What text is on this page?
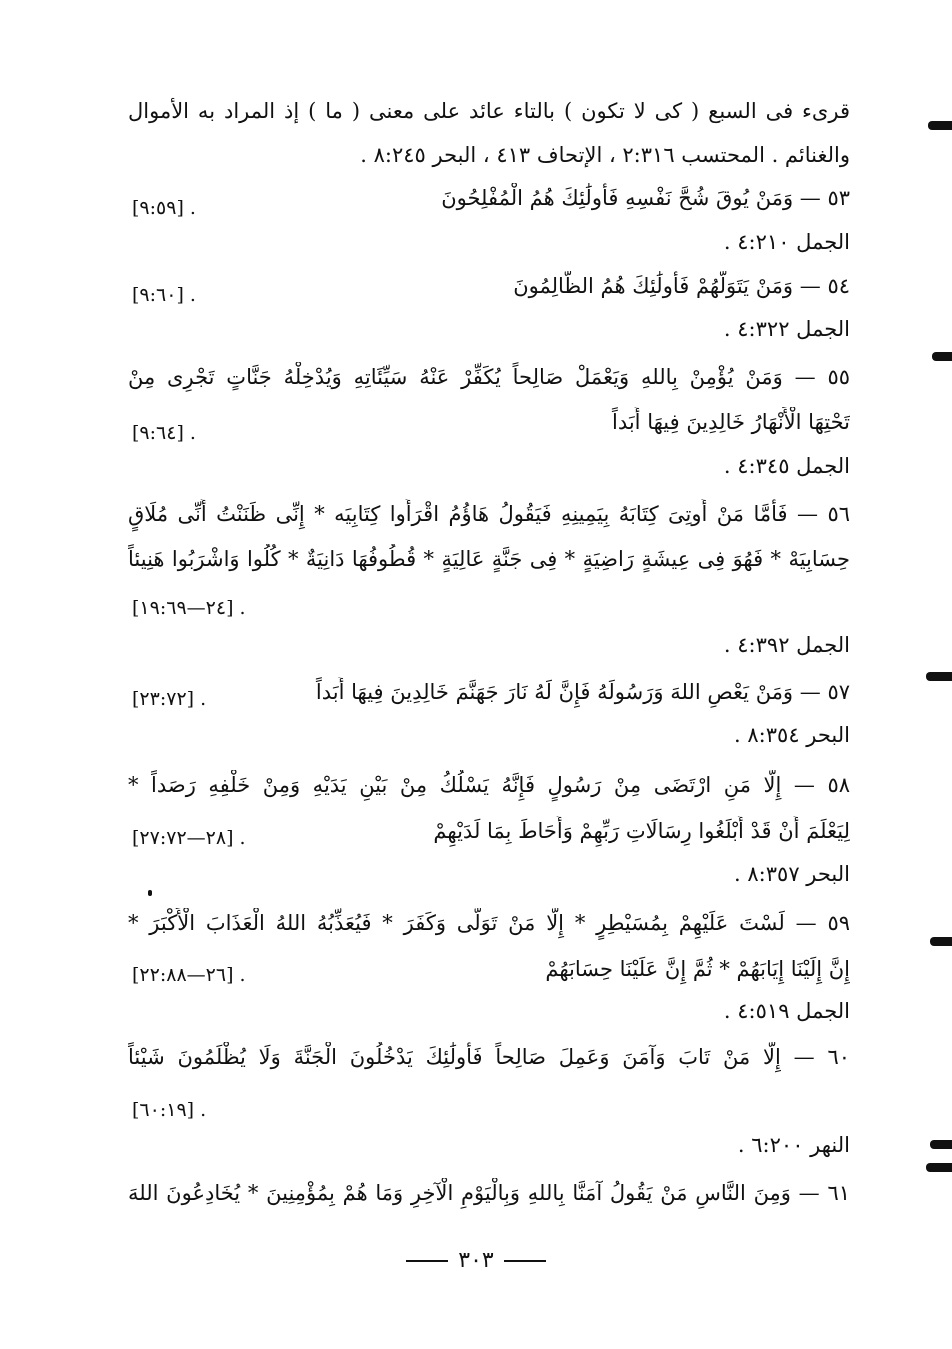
قرىء فى السبع ( كى لا تكون ) بالتاء عائد على معنى ( ما ) إذ المراد به الأموال
والغنائم . المحتسب ٢:٣١٦ ، الإتحاف ٤١٣ ، البحر ٨:٢٤٥ .
٥٣ — وَمَنْ يُوقَ شُحَّ نَفْسِهِ فَأُولَٰئِكَ هُمُ الْمُفْلِحُونَ
[٩:٥٩] .
الجمل ٤:٢١٠ .
٥٤ — وَمَنْ يَتَوَلَّهُمْ فَأُولَٰئِكَ هُمُ الظَّالِمُونَ
[٩:٦٠] .
الجمل ٤:٣٢٢ .
٥٥ — وَمَنْ يُؤْمِنْ بِاللهِ وَيَعْمَلْ صَالِحاً يُكَفِّرْ عَنْهُ سَيِّئَاتِهِ وَيُدْخِلْهُ جَنَّاتٍ تَجْرِى مِنْ
تَحْتِهَا الْأَنْهَارُ خَالِدِينَ فِيهَا أَبَداً
[٩:٦٤] .
الجمل ٤:٣٤٥ .
٥٦ — فَأَمَّا مَنْ أُوتِىَ كِتَابَهُ بِيَمِينِهِ فَيَقُولُ هَاؤُمُ اقْرَأُوا كِتَابِيَه * إِنِّى ظَنَنْتُ أَنِّى مُلَاقٍ
حِسَابِيَهْ * فَهُوَ فِى عِيشَةٍ رَاضِيَةٍ * فِى جَنَّةٍ عَالِيَةٍ * قُطُوفُهَا دَانِيَةٌ * كُلُوا وَاشْرَبُوا هَنِيئاً
[٢٤—١٩:٦٩] .
الجمل ٤:٣٩٢ .
٥٧ — وَمَنْ يَعْصِ اللهَ وَرَسُولَهُ فَإِنَّ لَهُ نَارَ جَهَنَّمَ خَالِدِينَ فِيهَا أَبَداً
[٢٣:٧٢] .
البحر ٨:٣٥٤ .
٥٨ — إِلَّا مَنِ ارْتَضَى مِنْ رَسُولٍ فَإِنَّهُ يَسْلُكُ مِنْ بَيْنِ يَدَيْهِ وَمِنْ خَلْفِهِ رَصَداً *
لِيَعْلَمَ أَنْ قَدْ أَبْلَغُوا رِسَالَاتِ رَبِّهِمْ وَأَحَاطَ بِمَا لَدَيْهِمْ
[٢٨—٢٧:٧٢] .
البحر ٨:٣٥٧ .
٥٩ — لَسْتَ عَلَيْهِمْ بِمُسَيْطِرٍ * إِلَّا مَنْ تَوَلَّى وَكَفَرَ * فَيُعَذِّبُهُ اللهُ الْعَذَابَ الْأَكْبَرَ *
إِنَّ إِلَيْنَا إِيَابَهُمْ * ثُمَّ إِنَّ عَلَيْنَا حِسَابَهُمْ
[٢٦—٢٢:٨٨] .
الجمل ٤:٥١٩ .
٦٠ — إِلَّا مَنْ تَابَ وَآمَنَ وَعَمِلَ صَالِحاً فَأُولَٰئِكَ يَدْخُلُونَ الْجَنَّةَ وَلَا يُظْلَمُونَ شَيْئاً
[٦٠:١٩] .
النهر ٦:٢٠٠ .
٦١ — وَمِنَ النَّاسِ مَنْ يَقُولُ آمَنَّا بِاللهِ وَبِالْيَوْمِ الْآخِرِ وَمَا هُمْ بِمُؤْمِنِينَ * يُخَادِعُونَ اللهَ
٣٠٣
